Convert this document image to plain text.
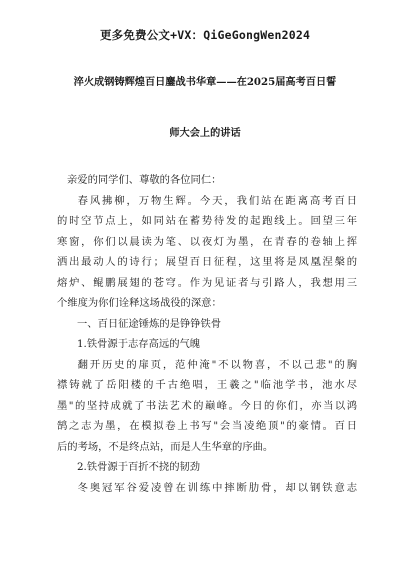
更多免费公文+VX：QiGeGongWen2024
淬火成钢铸辉煌百日鏖战书华章——在2025届高考百日誓
师大会上的讲话

亲爱的同学们、尊敬的各位同仁：

春风拂柳，万物生辉。今天，我们站在距离高考百日

的时空节点上，如同站在蓄势待发的起跑线上。回望三年

寒窗，你们以晨读为笔、以夜灯为墨，在青春的卷轴上挥

洒出最动人的诗行；展望百日征程，这里将是凤凰涅槃的

熔炉、鲲鹏展翅的苍穹。作为见证者与引路人，我想用三

个维度为你们诠释这场战役的深意：

一、百日征途锤炼的是铮铮铁骨

1.铁骨源于志存高远的气魄

翻开历史的扉页，范仲淹"不以物喜，不以己悲"的胸

襟铸就了岳阳楼的千古绝唱，王羲之"临池学书，池水尽

墨"的坚持成就了书法艺术的巅峰。今日的你们，亦当以鸿

鹄之志为墨，在模拟卷上书写"会当凌绝顶"的豪情。百日

后的考场，不是终点站，而是人生华章的序曲。

2.铁骨源于百折不挠的韧劲

冬奥冠军谷爱凌曾在训练中摔断肋骨，却以钢铁意志
